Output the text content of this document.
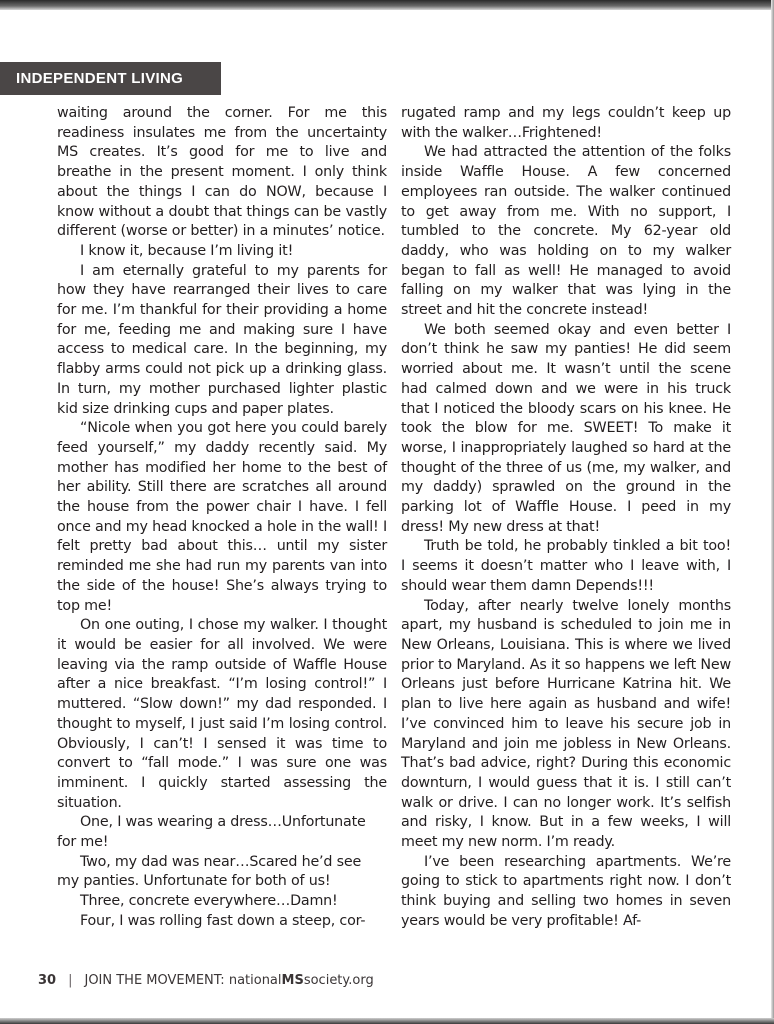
INDEPENDENT LIVING

waiting around the corner. For me this readiness insulates me from the uncertainty MS creates. It’s good for me to live and breathe in the present moment. I only think about the things I can do NOW, because I know without a doubt that things can be vastly different (worse or better) in a minutes’ notice.

I know it, because I’m living it!

I am eternally grateful to my parents for how they have rearranged their lives to care for me. I’m thankful for their providing a home for me, feeding me and making sure I have access to medical care. In the beginning, my flabby arms could not pick up a drinking glass. In turn, my mother purchased lighter plastic kid size drinking cups and paper plates.

“Nicole when you got here you could barely feed yourself,” my daddy recently said. My mother has modified her home to the best of her ability. Still there are scratches all around the house from the power chair I have. I fell once and my head knocked a hole in the wall! I felt pretty bad about this… until my sister reminded me she had run my parents van into the side of the house! She’s always trying to top me!

On one outing, I chose my walker. I thought it would be easier for all involved. We were leaving via the ramp outside of Waffle House after a nice breakfast. “I’m losing control!” I muttered. “Slow down!” my dad responded. I thought to myself, I just said I’m losing control. Obviously, I can’t! I sensed it was time to convert to “fall mode.” I was sure one was imminent. I quickly started assessing the situation.

One, I was wearing a dress…Unfortunate for me!

Two, my dad was near…Scared he’d see my panties. Unfortunate for both of us!

Three, concrete everywhere…Damn!

Four, I was rolling fast down a steep, cor-

rugated ramp and my legs couldn’t keep up with the walker…Frightened!

We had attracted the attention of the folks inside Waffle House. A few concerned employees ran outside. The walker continued to get away from me. With no support, I tumbled to the concrete. My 62-year old daddy, who was holding on to my walker began to fall as well! He managed to avoid falling on my walker that was lying in the street and hit the concrete instead!

We both seemed okay and even better I don’t think he saw my panties! He did seem worried about me. It wasn’t until the scene had calmed down and we were in his truck that I noticed the bloody scars on his knee. He took the blow for me. SWEET! To make it worse, I inappropriately laughed so hard at the thought of the three of us (me, my walker, and my daddy) sprawled on the ground in the parking lot of Waffle House. I peed in my dress! My new dress at that!

Truth be told, he probably tinkled a bit too! I seems it doesn’t matter who I leave with, I should wear them damn Depends!!!

Today, after nearly twelve lonely months apart, my husband is scheduled to join me in New Orleans, Louisiana. This is where we lived prior to Maryland. As it so happens we left New Orleans just before Hurricane Katrina hit. We plan to live here again as husband and wife! I’ve convinced him to leave his secure job in Maryland and join me jobless in New Orleans. That’s bad advice, right? During this economic downturn, I would guess that it is. I still can’t walk or drive. I can no longer work. It’s selfish and risky, I know. But in a few weeks, I will meet my new norm. I’m ready.

I’ve been researching apartments. We’re going to stick to apartments right now. I don’t think buying and selling two homes in seven years would be very profitable! Af-

30 | JOIN THE MOVEMENT: nationalMSsociety.org
